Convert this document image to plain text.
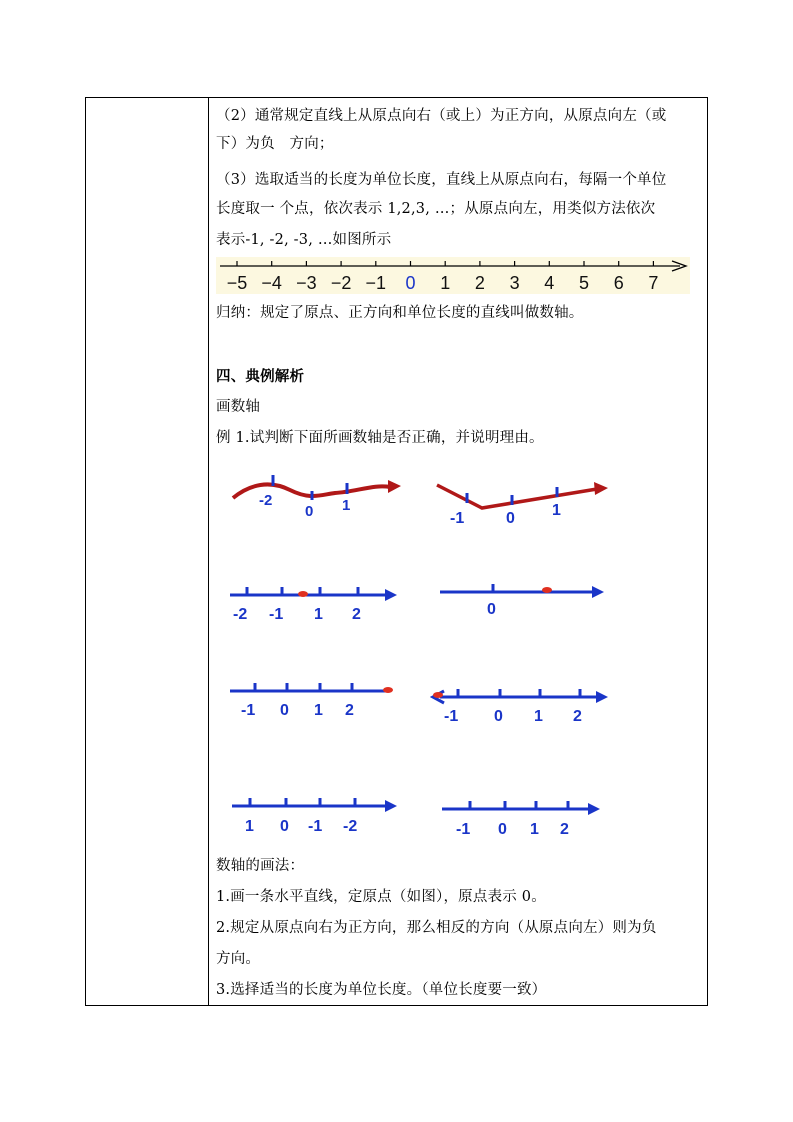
（2）通常规定直线上从原点向右（或上）为正方向，从原点向左（或
下）为负　方向；
（3）选取适当的长度为单位长度，直线上从原点向右，每隔一个单位
长度取一 个点，依次表示 1,2,3, …；从原点向左，用类似方法依次
表示-1, -2, -3, …如图所示
归纳：规定了原点、正方向和单位长度的直线叫做数轴。
四、典例解析
画数轴
例 1.试判断下面所画数轴是否正确，并说明理由。
数轴的画法：
1.画一条水平直线，定原点（如图），原点表示 0。
2.规定从原点向右为正方向，那么相反的方向（从原点向左）则为负
方向。
3.选择适当的长度为单位长度。（单位长度要一致）
−5 −4 −3 −2 −1 0 1 2 3 4 5 6 7
-2
0 1
-1	0 1
-2 -1 1 2	0
-1 0 1 2	-1 0 1 2
1 0 -1 -2	-1 0 1 2
